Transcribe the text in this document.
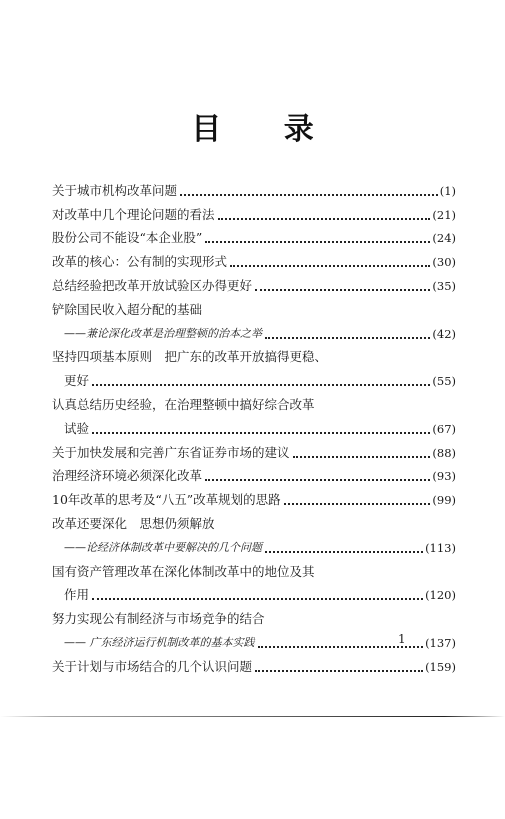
目 录
关于城市机构改革问题	(1)
对改革中几个理论问题的看法	(21)
股份公司不能设“本企业股”	(24)
改革的核心：公有制的实现形式	(30)
总结经验把改革开放试验区办得更好	(35)
铲除国民收入超分配的基础
——兼论深化改革是治理整顿的治本之举	(42)
坚持四项基本原则　把广东的改革开放搞得更稳、
更好	(55)
认真总结历史经验，在治理整顿中搞好综合改革
试验	(67)
关于加快发展和完善广东省证券市场的建议	(88)
治理经济环境必须深化改革	(93)
10年改革的思考及“八五”改革规划的思路	(99)
改革还要深化　思想仍须解放
——论经济体制改革中要解决的几个问题	(113)
国有资产管理改革在深化体制改革中的地位及其
作用	(120)
努力实现公有制经济与市场竞争的结合
—— 广东经济运行机制改革的基本实践	(137)
关于计划与市场结合的几个认识问题	(159)
1
